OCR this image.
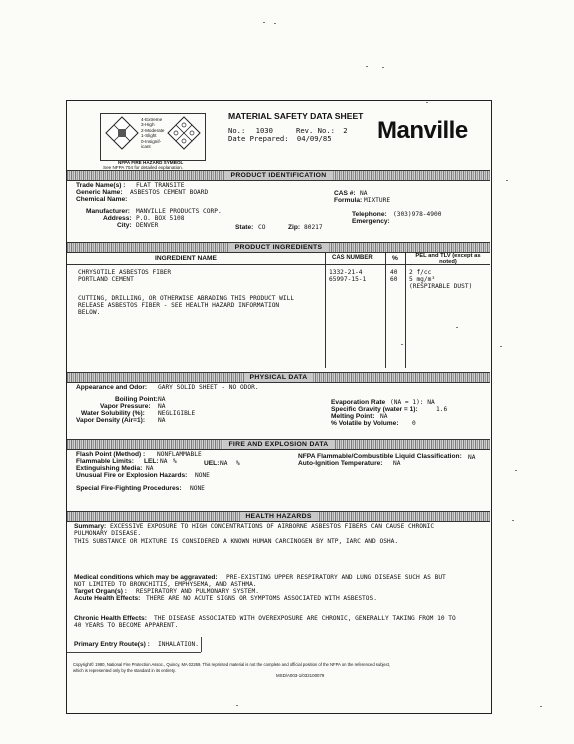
4-Extreme
3-High
2-Moderate
1-Slight
0-Insignif-
icant
NFPA FIRE HAZARD SYMBOL
See NFPA 704 for detailed explanation.
MATERIAL SAFETY DATA SHEET
No.: 1030	Rev. No.: 2
Date Prepared: 04/09/85 Manville
PRODUCT IDENTIFICATION
Trade Name(s) : FLAT TRANSITE
Generic Name: ASBESTOS CEMENT BOARD
Chemical Name:
CAS #: NA
Formula: MIXTURE
Manufacturer: MANVILLE PRODUCTS CORP.
Address: P.O. BOX 5108
City: DENVER	State: CO	Zip: 80217
Telephone: (303)978-4900
Emergency:
PRODUCT INGREDIENTS
INGREDIENT NAME	CAS NUMBER	%	PEL and TLV (except as noted)
CHRYSOTILE ASBESTOS FIBER	1332-21-4	40 2 f/cc
PORTLAND CEMENT	65997-15-1	60 5 mg/m³
(RESPIRABLE DUST)
CUTTING, DRILLING, OR OTHERWISE ABRADING THIS PRODUCT WILL
RELEASE ASBESTOS FIBER - SEE HEALTH HAZARD INFORMATION
BELOW.
PHYSICAL DATA
Appearance and Odor: GARY SOLID SHEET - NO ODOR.
Boiling Point: NA
Vapor Pressure: NA
Water Solubility (%): NEGLIGIBLE
Vapor Density (Air=1): NA
Evaporation Rate (NA = 1): NA
Specific Gravity (water = 1):	1.6
Melting Point: NA
% Volatile by Volume: 0
FIRE AND EXPLOSION DATA
Flash Point (Method) : NONFLAMMABLE
Flammable Limits: LEL: NA %	UEL: NA %
Extinguishing Media: NA
Unusual Fire or Explosion Hazards: NONE
NFPA Flammable/Combustible Liquid Classification: NA
Auto-Ignition Temperature: NA
Special Fire-Fighting Procedures: NONE
HEALTH HAZARDS
Summary: EXCESSIVE EXPOSURE TO HIGH CONCENTRATIONS OF AIRBORNE ASBESTOS FIBERS CAN CAUSE CHRONIC
PULMONARY DISEASE.
THIS SUBSTANCE OR MIXTURE IS CONSIDERED A KNOWN HUMAN CARCINOGEN BY NTP, IARC AND OSHA.
Medical conditions which may be aggravated: PRE-EXISTING UPPER RESPIRATORY AND LUNG DISEASE SUCH AS BUT
NOT LIMITED TO BRONCHITIS, EMPHYSEMA, AND ASTHMA.
Target Organ(s) : RESPIRATORY AND PULMONARY SYSTEM.
Acute Health Effects: THERE ARE NO ACUTE SIGNS OR SYMPTOMS ASSOCIATED WITH ASBESTOS.
Chronic Health Effects: THE DISEASE ASSOCIATED WITH OVEREXPOSURE ARE CHRONIC, GENERALLY TAKING FROM 10 TO
40 YEARS TO BECOME APPARENT.
Primary Entry Route(s) : INHALATION.
Copyright© 1980, National Fire Protection Assoc., Quincy, MA 02269. This reprinted material is not the complete and official position of the NFPA on the referenced subject,
which is represented only by the standard in its entirety.
MSD/A003-1/032100079
